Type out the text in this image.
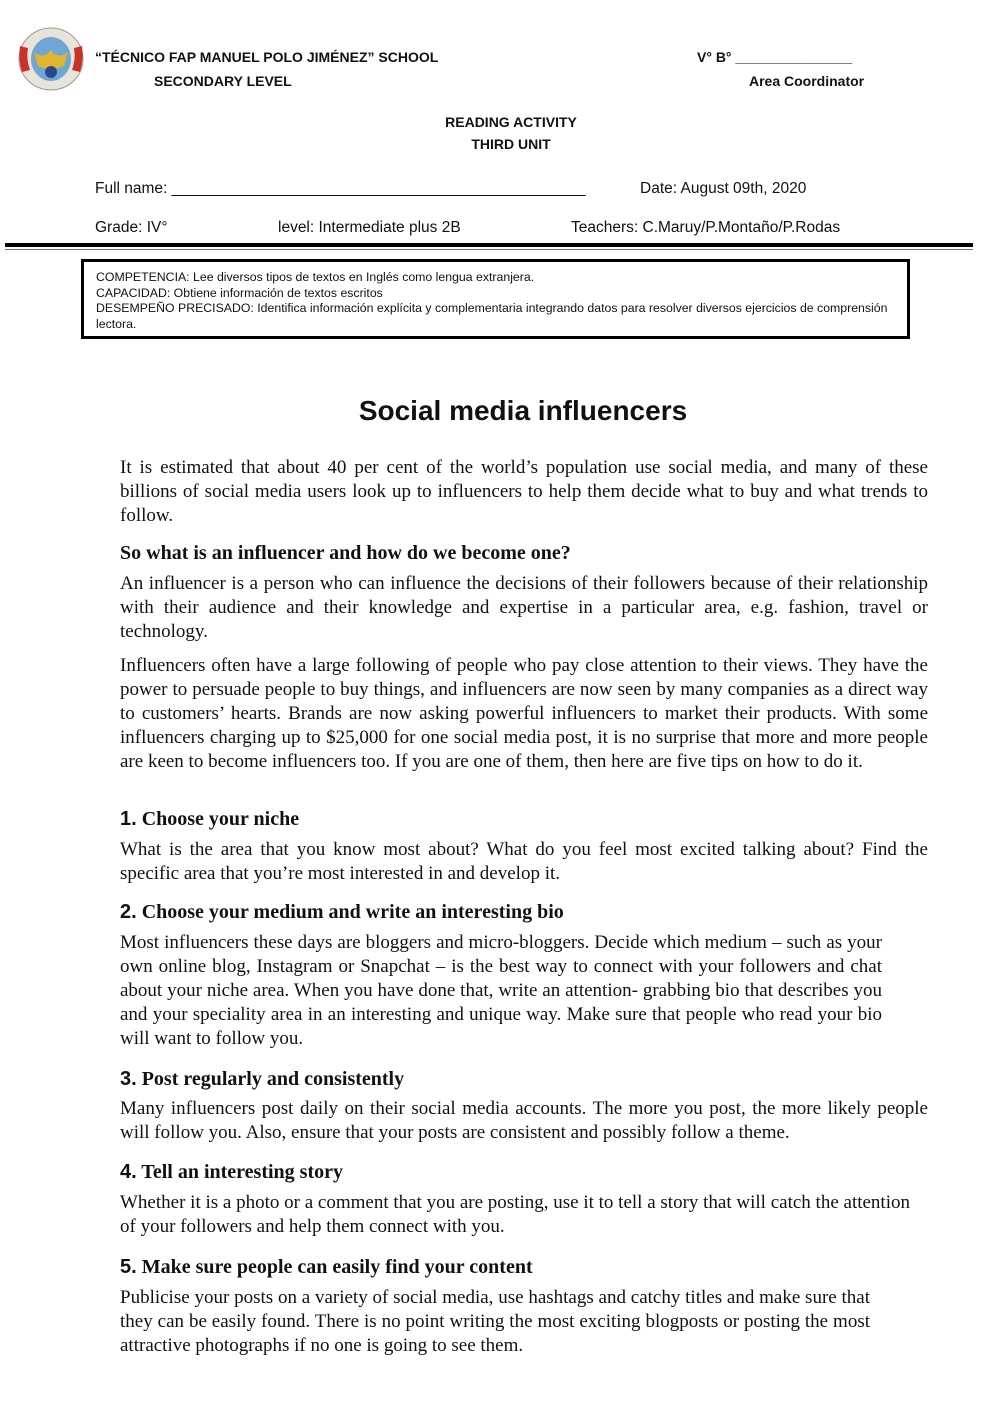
“TÉCNICO FAP MANUEL POLO JIMÉNEZ” SCHOOL
SECONDARY LEVEL
V° B° _______________
Area Coordinator
READING ACTIVITY
THIRD UNIT
Full name: ________________________________________________	Date: August 09th, 2020
Grade: IV°	level: Intermediate plus 2B	Teachers: C.Maruy/P.Montaño/P.Rodas
COMPETENCIA: Lee diversos tipos de textos en Inglés como lengua extranjera.
CAPACIDAD: Obtiene información de textos escritos
DESEMPEÑO PRECISADO: Identifica información explícita y complementaria integrando datos para resolver diversos ejercicios de comprensión lectora.
Social media influencers
It is estimated that about 40 per cent of the world’s population use social media, and many of these billions of social media users look up to influencers to help them decide what to buy and what trends to follow.
So what is an influencer and how do we become one?
An influencer is a person who can influence the decisions of their followers because of their relationship with their audience and their knowledge and expertise in a particular area, e.g. fashion, travel or technology.
Influencers often have a large following of people who pay close attention to their views. They have the power to persuade people to buy things, and influencers are now seen by many companies as a direct way to customers’ hearts. Brands are now asking powerful influencers to market their products. With some influencers charging up to $25,000 for one social media post, it is no surprise that more and more people are keen to become influencers too. If you are one of them, then here are five tips on how to do it.
1. Choose your niche
What is the area that you know most about? What do you feel most excited talking about? Find the specific area that you’re most interested in and develop it.
2. Choose your medium and write an interesting bio
Most influencers these days are bloggers and micro-bloggers. Decide which medium – such as your own online blog, Instagram or Snapchat – is the best way to connect with your followers and chat about your niche area. When you have done that, write an attention- grabbing bio that describes you and your speciality area in an interesting and unique way. Make sure that people who read your bio will want to follow you.
3. Post regularly and consistently
Many influencers post daily on their social media accounts. The more you post, the more likely people will follow you. Also, ensure that your posts are consistent and possibly follow a theme.
4. Tell an interesting story
Whether it is a photo or a comment that you are posting, use it to tell a story that will catch the attention of your followers and help them connect with you.
5. Make sure people can easily find your content
Publicise your posts on a variety of social media, use hashtags and catchy titles and make sure that they can be easily found. There is no point writing the most exciting blogposts or posting the most attractive photographs if no one is going to see them.
